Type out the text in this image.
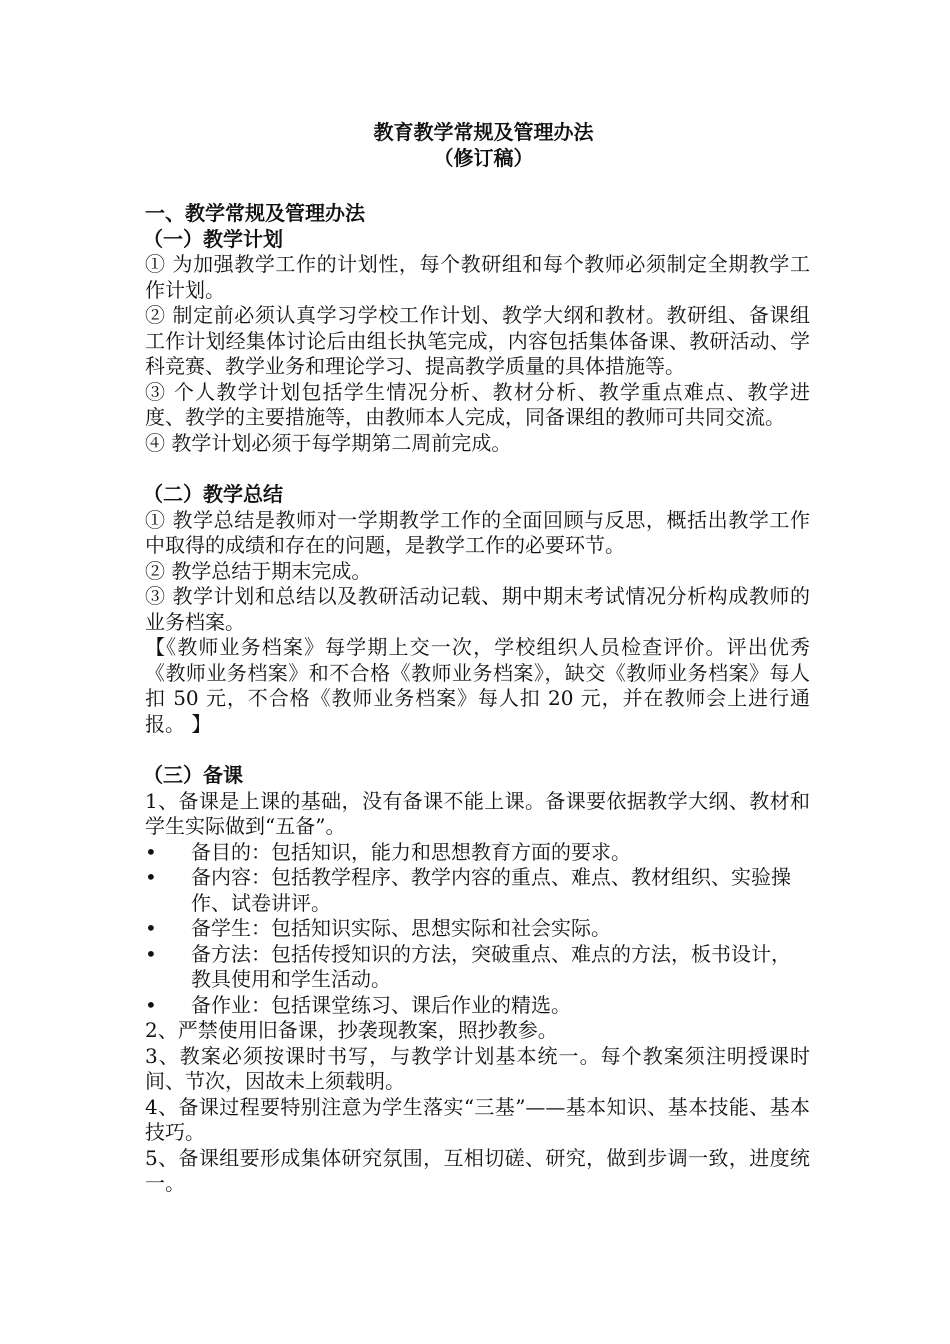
教育教学常规及管理办法
（修订稿）
一、教学常规及管理办法
（一）教学计划

① 为加强教学工作的计划性，每个教研组和每个教师必须制定全期教学工作计划。

② 制定前必须认真学习学校工作计划、教学大纲和教材。教研组、备课组工作计划经集体讨论后由组长执笔完成，内容包括集体备课、教研活动、学科竞赛、教学业务和理论学习、提高教学质量的具体措施等。

③ 个人教学计划包括学生情况分析、教材分析、教学重点难点、教学进度、教学的主要措施等，由教师本人完成，同备课组的教师可共同交流。

④ 教学计划必须于每学期第二周前完成。

（二）教学总结

① 教学总结是教师对一学期教学工作的全面回顾与反思，概括出教学工作中取得的成绩和存在的问题，是教学工作的必要环节。

② 教学总结于期末完成。

③ 教学计划和总结以及教研活动记载、期中期末考试情况分析构成教师的业务档案。

【《教师业务档案》每学期上交一次，学校组织人员检查评价。评出优秀《教师业务档案》和不合格《教师业务档案》，缺交《教师业务档案》每人扣 50 元，不合格《教师业务档案》每人扣 20 元，并在教师会上进行通报。 】

（三）备课

1、备课是上课的基础，没有备课不能上课。备课要依据教学大纲、教材和学生实际做到“五备”。

•	备目的：包括知识，能力和思想教育方面的要求。
•	备内容：包括教学程序、教学内容的重点、难点、教材组织、实验操作、试卷讲评。
•	备学生：包括知识实际、思想实际和社会实际。
•	备方法：包括传授知识的方法，突破重点、难点的方法，板书设计，教具使用和学生活动。
•	备作业：包括课堂练习、课后作业的精选。

2、严禁使用旧备课，抄袭现教案，照抄教参。

3、教案必须按课时书写，与教学计划基本统一。每个教案须注明授课时间、节次，因故未上须载明。

4、备课过程要特别注意为学生落实“三基”——基本知识、基本技能、基本技巧。

5、备课组要形成集体研究氛围，互相切磋、研究，做到步调一致，进度统一。
